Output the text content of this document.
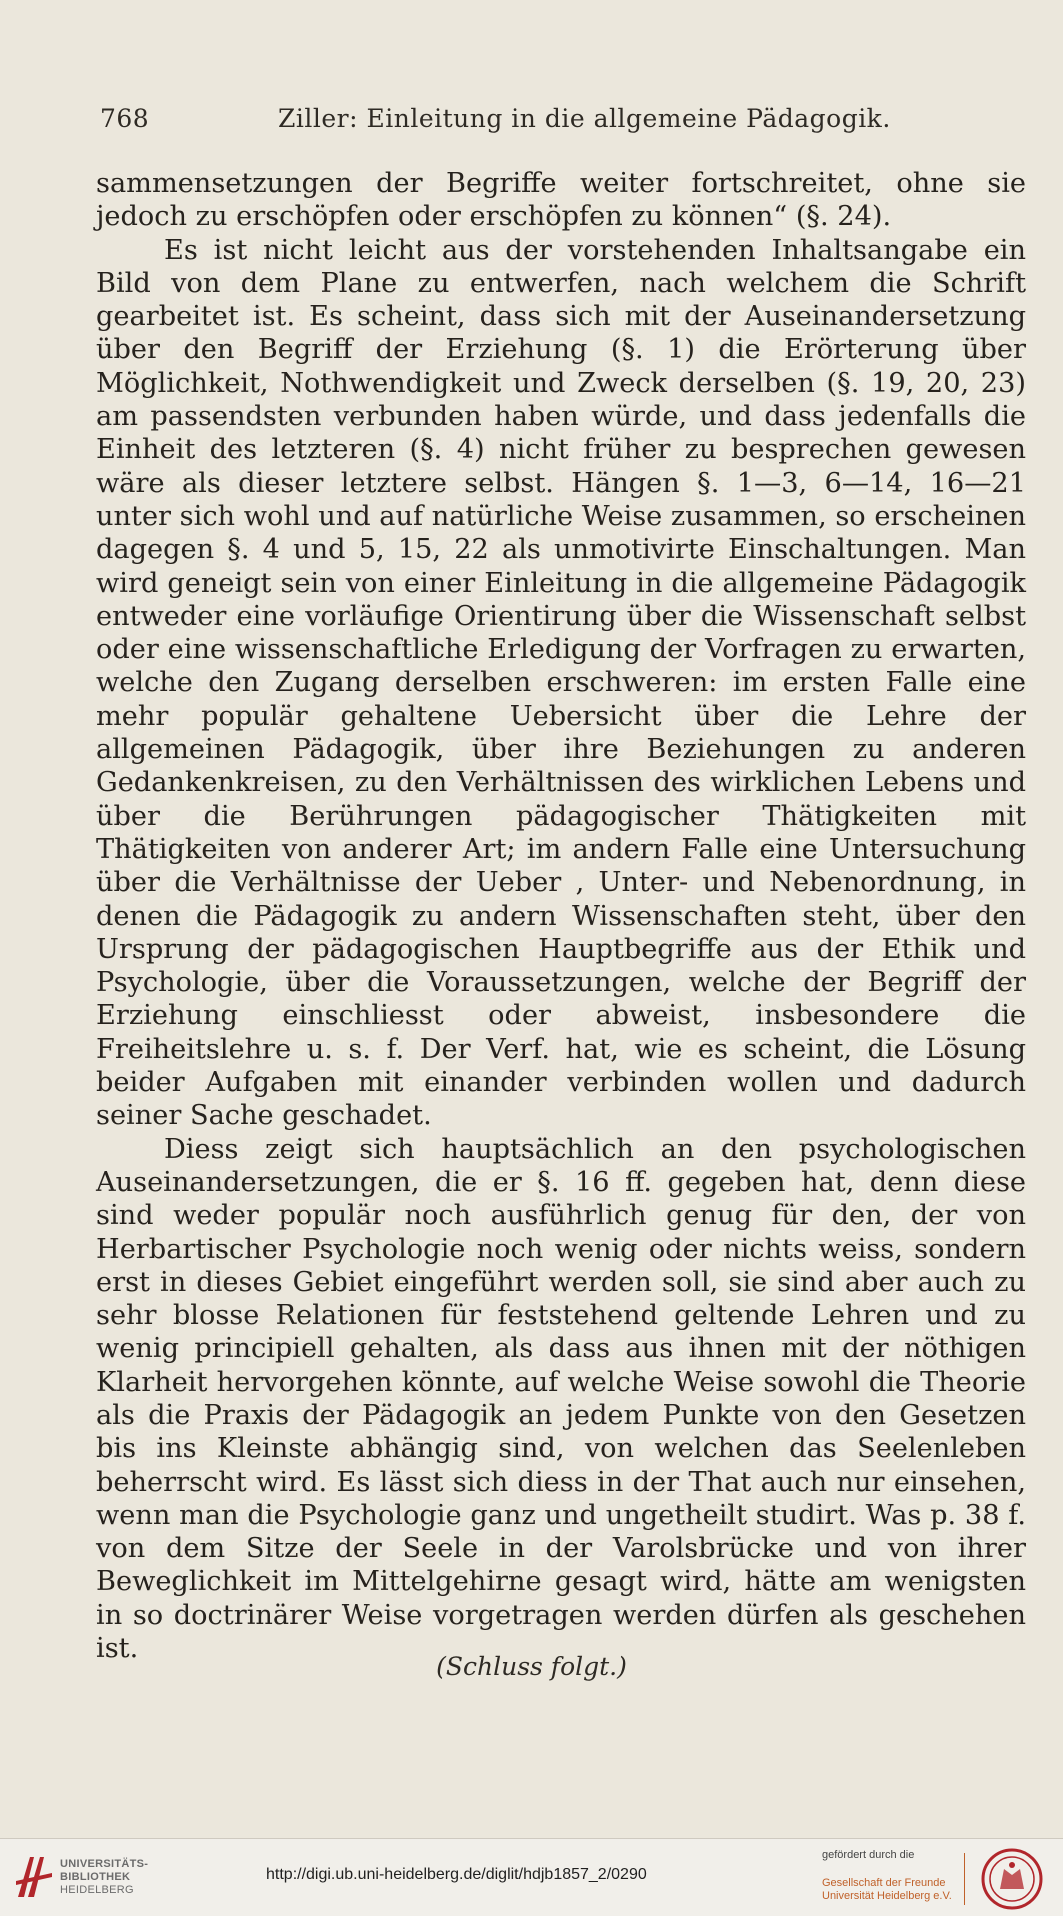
768	Ziller: Einleitung in die allgemeine Pädagogik.

sammensetzungen der Begriffe weiter fortschreitet, ohne sie jedoch zu erschöpfen oder erschöpfen zu können“ (§. 24).

Es ist nicht leicht aus der vorstehenden Inhaltsangabe ein Bild von dem Plane zu entwerfen, nach welchem die Schrift gearbeitet ist. Es scheint, dass sich mit der Auseinandersetzung über den Begriff der Erziehung (§. 1) die Erörterung über Möglichkeit, Nothwendigkeit und Zweck derselben (§. 19, 20, 23) am passendsten verbunden haben würde, und dass jedenfalls die Einheit des letzteren (§. 4) nicht früher zu besprechen gewesen wäre als dieser letztere selbst. Hängen §. 1—3, 6—14, 16—21 unter sich wohl und auf natürliche Weise zusammen, so erscheinen dagegen §. 4 und 5, 15, 22 als unmotivirte Einschaltungen. Man wird geneigt sein von einer Einleitung in die allgemeine Pädagogik entweder eine vorläufige Orientirung über die Wissenschaft selbst oder eine wissenschaftliche Erledigung der Vorfragen zu erwarten, welche den Zugang derselben erschweren: im ersten Falle eine mehr populär gehaltene Uebersicht über die Lehre der allgemeinen Pädagogik, über ihre Beziehungen zu anderen Gedankenkreisen, zu den Verhältnissen des wirklichen Lebens und über die Berührungen pädagogischer Thätigkeiten mit Thätigkeiten von anderer Art; im andern Falle eine Untersuchung über die Verhältnisse der Ueber , Unter- und Nebenordnung, in denen die Pädagogik zu andern Wissenschaften steht, über den Ursprung der pädagogischen Hauptbegriffe aus der Ethik und Psychologie, über die Voraussetzungen, welche der Begriff der Erziehung einschliesst oder abweist, insbesondere die Freiheitslehre u. s. f. Der Verf. hat, wie es scheint, die Lösung beider Aufgaben mit einander verbinden wollen und dadurch seiner Sache geschadet.

Diess zeigt sich hauptsächlich an den psychologischen Auseinandersetzungen, die er §. 16 ff. gegeben hat, denn diese sind weder populär noch ausführlich genug für den, der von Herbartischer Psychologie noch wenig oder nichts weiss, sondern erst in dieses Gebiet eingeführt werden soll, sie sind aber auch zu sehr blosse Relationen für feststehend geltende Lehren und zu wenig principiell gehalten, als dass aus ihnen mit der nöthigen Klarheit hervorgehen könnte, auf welche Weise sowohl die Theorie als die Praxis der Pädagogik an jedem Punkte von den Gesetzen bis ins Kleinste abhängig sind, von welchen das Seelenleben beherrscht wird. Es lässt sich diess in der That auch nur einsehen, wenn man die Psychologie ganz und ungetheilt studirt. Was p. 38 f. von dem Sitze der Seele in der Varolsbrücke und von ihrer Beweglichkeit im Mittelgehirne gesagt wird, hätte am wenigsten in so doctrinärer Weise vorgetragen werden dürfen als geschehen ist.

(Schluss folgt.)
UNIVERSITÄTS-
BIBLIOTHEK
HEIDELBERG
http://digi.ub.uni-heidelberg.de/diglit/hdjb1857_2/0290
gefördert durch die
Gesellschaft der Freunde
Universität Heidelberg e.V.
